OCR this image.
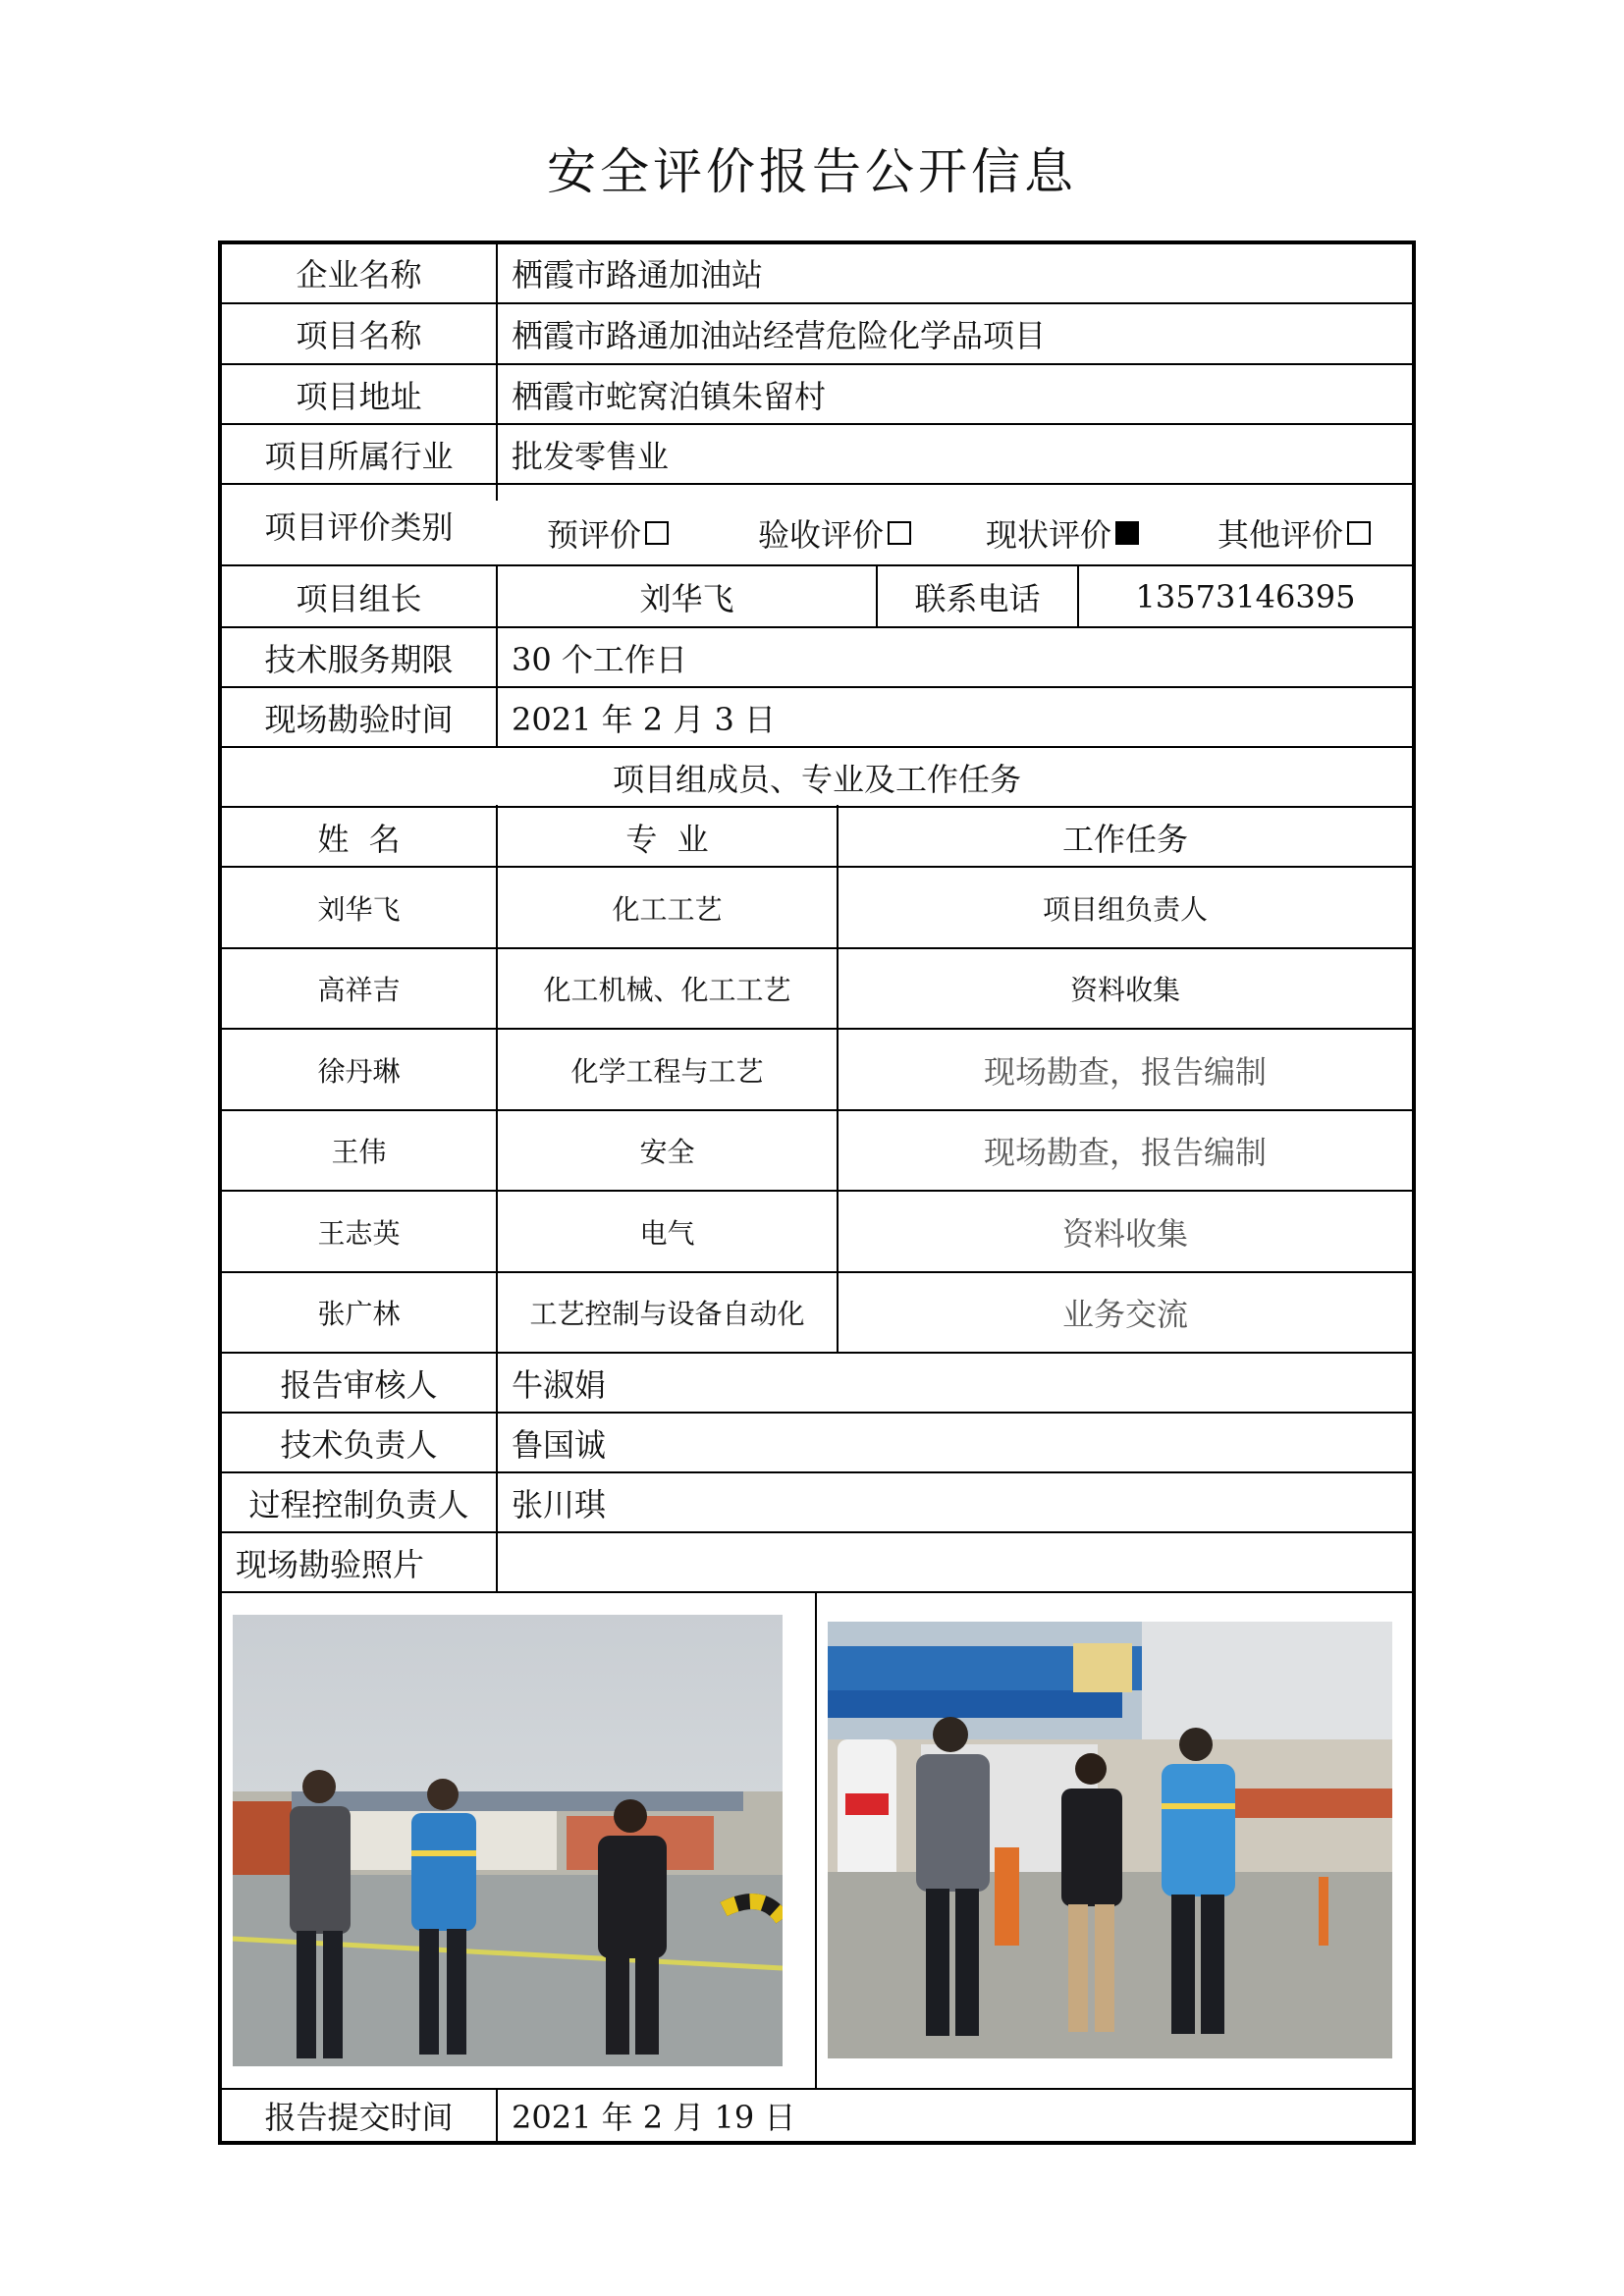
安全评价报告公开信息
企业名称	栖霞市路通加油站
项目名称	栖霞市路通加油站经营危险化学品项目
项目地址	栖霞市蛇窝泊镇朱留村
项目所属行业	批发零售业
项目评价类别	预评价	验收评价	现状评价	其他评价
项目组长	刘华飞	联系电话	13573146395
技术服务期限	30 个工作日
现场勘验时间	2021 年 2 月 3 日
项目组成员、专业及工作任务
姓  名	专  业	工作任务
刘华飞	化工工艺	项目组负责人
高祥吉	化工机械、化工工艺	资料收集
徐丹琳	化学工程与工艺	现场勘查，报告编制
王伟	安全	现场勘查，报告编制
王志英	电气	资料收集
张广林	工艺控制与设备自动化	业务交流
报告审核人	牛淑娟
技术负责人	鲁国诚
过程控制负责人	张川琪
现场勘验照片
报告提交时间	2021 年 2 月 19 日
